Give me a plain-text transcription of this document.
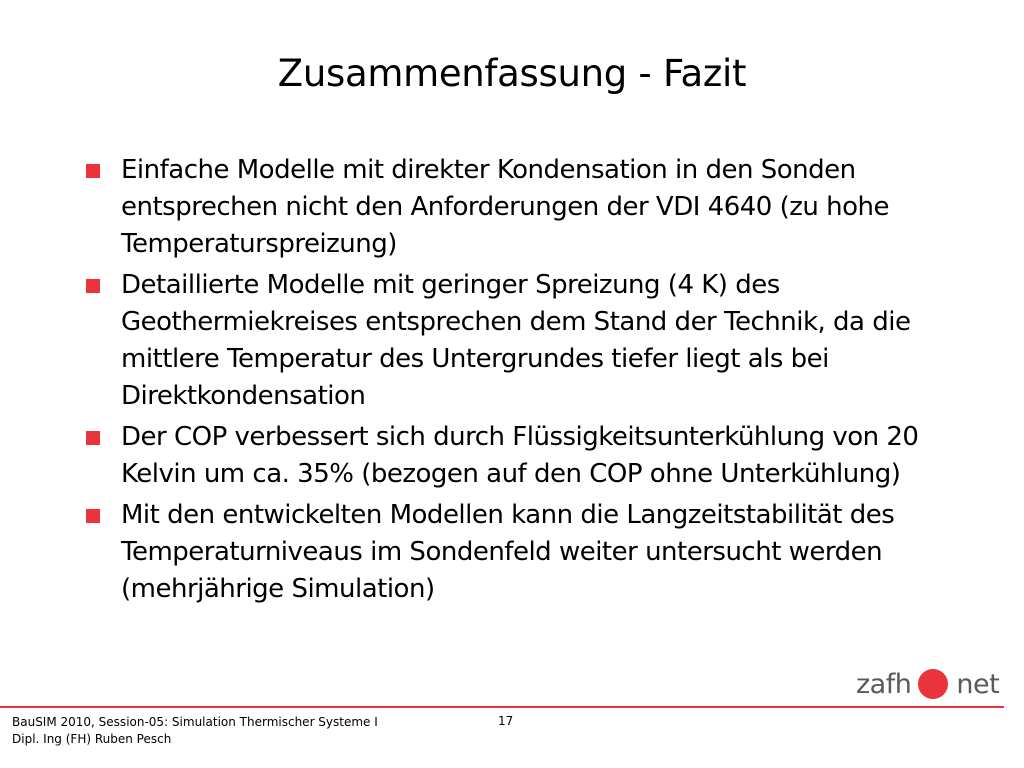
Zusammenfassung - Fazit
Einfache Modelle mit direkter Kondensation in den Sonden entsprechen nicht den Anforderungen der VDI 4640 (zu hohe Temperaturspreizung)
Detaillierte Modelle mit geringer Spreizung (4 K) des Geothermiekreises entsprechen dem Stand der Technik, da die mittlere Temperatur des Untergrundes tiefer liegt als bei Direktkondensation
Der COP verbessert sich durch Flüssigkeitsunterkühlung von 20 Kelvin um ca. 35% (bezogen auf den COP ohne Unterkühlung)
Mit den entwickelten Modellen kann die Langzeitstabilität des Temperaturniveaus im Sondenfeld weiter untersucht werden (mehrjährige Simulation)
zafh net
BauSIM 2010, Session-05: Simulation Thermischer Systeme I
Dipl. Ing (FH) Ruben Pesch
17
